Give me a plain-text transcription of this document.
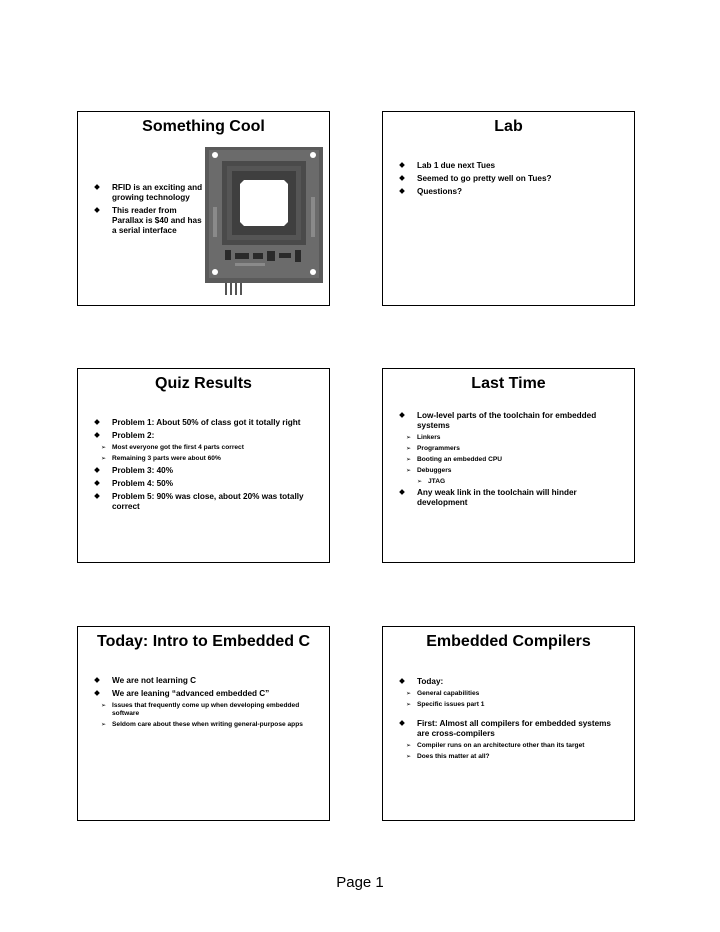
Something Cool
RFID is an exciting and growing technology
This reader from Parallax is $40 and has a serial interface
Lab
Lab 1 due next Tues
Seemed to go pretty well on Tues?
Questions?
Quiz Results
Problem 1: About 50% of class got it totally right
Problem 2:
➢ Most everyone got the first 4 parts correct
➢ Remaining 3 parts were about 60%
Problem 3: 40%
Problem 4: 50%
Problem 5: 90% was close, about 20% was totally correct
Last Time
Low-level parts of the toolchain for embedded systems
➢ Linkers
➢ Programmers
➢ Booting an embedded CPU
➢ Debuggers
➢ JTAG
Any weak link in the toolchain will hinder development
Today: Intro to Embedded C
We are not learning C
We are leaning “advanced embedded C”
➢ Issues that frequently come up when developing embedded software
➢ Seldom care about these when writing general-purpose apps
Embedded Compilers
Today:
➢ General capabilities
➢ Specific issues part 1
First: Almost all compilers for embedded systems are cross-compilers
➢ Compiler runs on an architecture other than its target
➢ Does this matter at all?
Page 1
